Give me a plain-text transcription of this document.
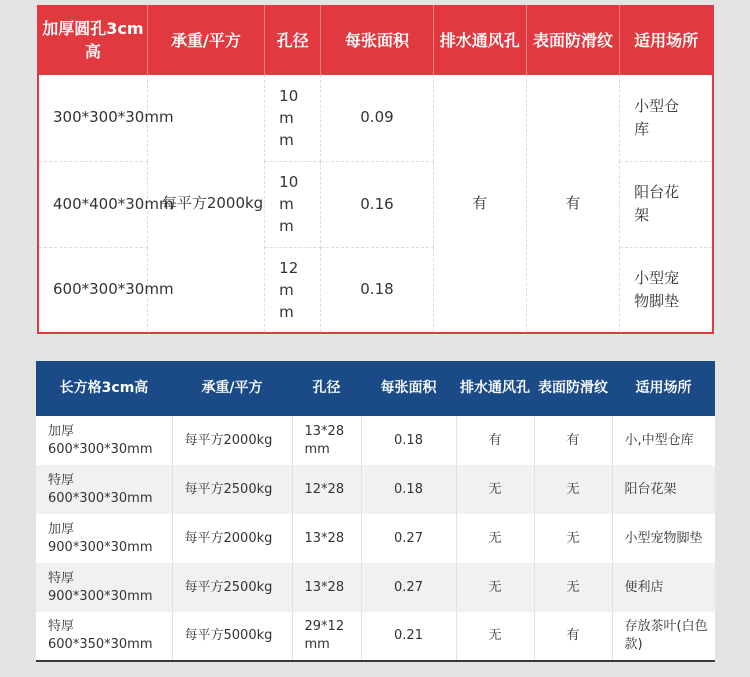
加厚圆孔3cm高	承重/平方	孔径	每张面积	排水通风孔	表面防滑纹	适用场所
300*300*30mm	每平方2000kg	10mm	0.09	有	有	小型仓库
400*400*30mm		10mm	0.16			阳台花架
600*300*30mm		12mm	0.18			小型宠物脚垫
长方格3cm高	承重/平方	孔径	每张面积	排水通风孔	表面防滑纹	适用场所
加厚 600*300*30mm	每平方2000kg	13*28 mm	0.18	有	有	小,中型仓库
特厚 600*300*30mm	每平方2500kg	12*28	0.18	无	无	阳台花架
加厚 900*300*30mm	每平方2000kg	13*28	0.27	无	无	小型宠物脚垫
特厚 900*300*30mm	每平方2500kg	13*28	0.27	无	无	便利店
特厚 600*350*30mm	每平方5000kg	29*12 mm	0.21	无	有	存放茶叶(白色款)
